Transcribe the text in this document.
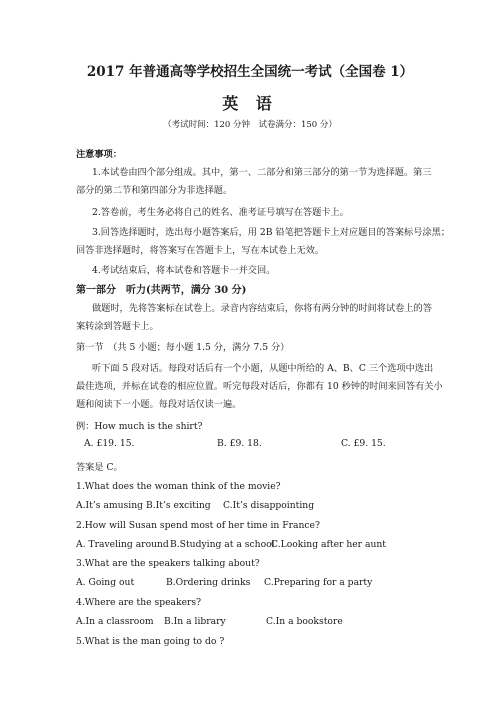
2017 年普通高等学校招生全国统一考试（全国卷 1）
英 语
（考试时间：120 分钟　试卷满分：150 分）
注意事项：
1.本试卷由四个部分组成。其中，第一、二部分和第三部分的第一节为选择题。第三
部分的第二节和第四部分为非选择题。
2.答卷前，考生务必将自己的姓名、准考证号填写在答题卡上。
3.回答选择题时，选出每小题答案后，用 2B 铅笔把答题卡上对应题目的答案标号涂黑；
回答非选择题时，将答案写在答题卡上，写在本试卷上无效。
4.考试结束后，将本试卷和答题卡一并交回。
第一部分　听力(共两节，满分 30 分)
做题时，先将答案标在试卷上。录音内容结束后，你将有两分钟的时间将试卷上的答
案转涂到答题卡上。
第一节　（共 5 小题；每小题 1.5 分，满分 7.5 分）
听下面 5 段对话。每段对话后有一个小题，从题中所给的 A、B、C 三个选项中选出
最佳选项，并标在试卷的相应位置。听完每段对话后，你都有 10 秒钟的时间来回答有关小
题和阅读下一小题。每段对话仅读一遍。
例：How much is the shirt?
A. £19. 15.	B. £9. 18.	C. £9. 15.
答案是 C。
1.What does the woman think of the movie?
A.It’s amusing B.It’s exciting C.It’s disappointing
2.How will Susan spend most of her time in France?
A. Traveling around B.Studying at a school
C.Looking after her aunt
3.What are the speakers talking about?
A. Going out	B.Ordering drinks C.Preparing for a party
4.Where are the speakers?
A.In a classroom B.In a library	C.In a bookstore
5.What is the man going to do ?
